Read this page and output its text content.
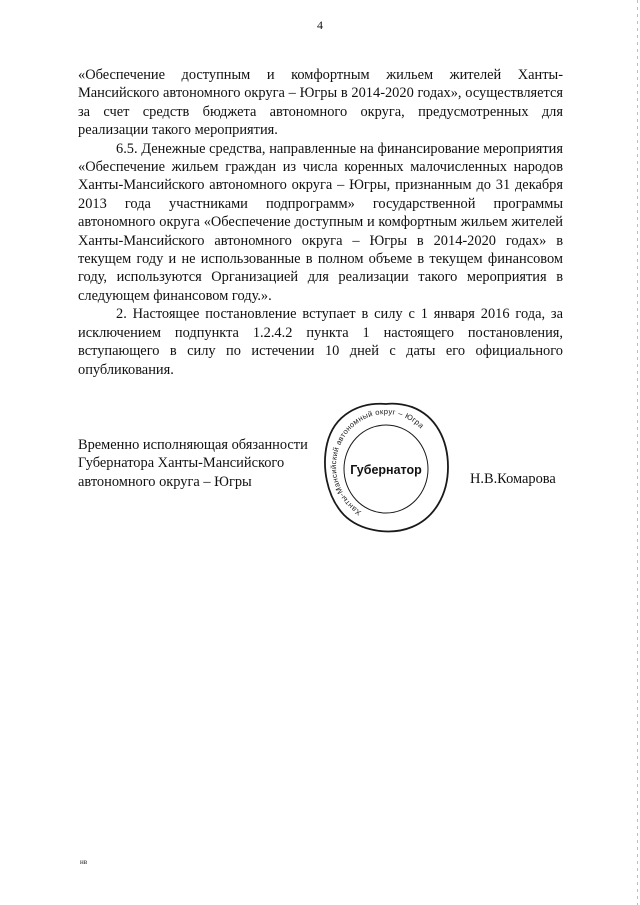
4

«Обеспечение доступным и комфортным жильем жителей Ханты-Мансийского автономного округа – Югры в 2014-2020 годах», осуществляется за счет средств бюджета автономного округа, предусмотренных для реализации такого мероприятия.

6.5. Денежные средства, направленные на финансирование мероприятия «Обеспечение жильем граждан из числа коренных малочисленных народов Ханты-Мансийского автономного округа – Югры, признанным до 31 декабря 2013 года участниками подпрограмм» государственной программы автономного округа «Обеспечение доступным и комфортным жильем жителей Ханты-Мансийского автономного округа – Югры в 2014-2020 годах» в текущем году и не использованные в полном объеме в текущем финансовом году, используются Организацией для реализации такого мероприятия в следующем финансовом году.».

2. Настоящее постановление вступает в силу с 1 января 2016 года, за исключением подпункта 1.2.4.2 пункта 1 настоящего постановления, вступающего в силу по истечении 10 дней с даты его официального опубликования.

Временно исполняющая обязанности
Губернатора Ханты-Мансийского
автономного округа – Югры
Ханты-Мансийский автономный округ – Югра
Губернатор
Н.В.Комарова
нв
